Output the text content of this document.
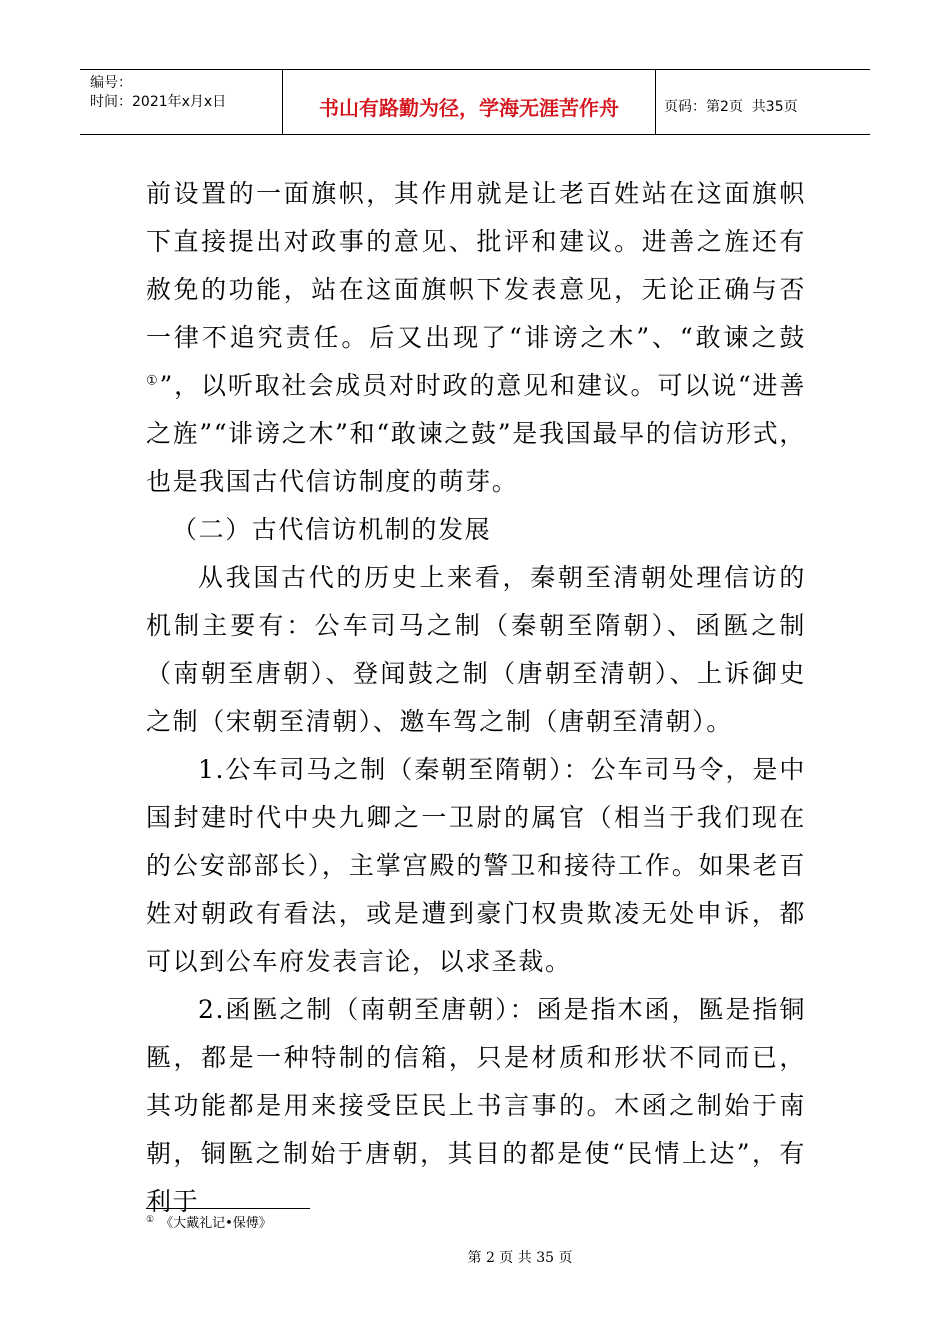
编号：
时间：2021年x月x日	书山有路勤为径，学海无涯苦作舟	页码：第2页  共35页

前设置的一面旗帜，其作用就是让老百姓站在这面旗帜下直接提出对政事的意见、批评和建议。进善之旌还有赦免的功能，站在这面旗帜下发表意见，无论正确与否一律不追究责任。后又出现了“诽谤之木”、“敢谏之鼓①”，以听取社会成员对时政的意见和建议。可以说“进善之旌”“诽谤之木”和“敢谏之鼓”是我国最早的信访形式，也是我国古代信访制度的萌芽。

（二）古代信访机制的发展

从我国古代的历史上来看，秦朝至清朝处理信访的机制主要有：公车司马之制（秦朝至隋朝）、函匦之制（南朝至唐朝）、登闻鼓之制（唐朝至清朝）、上诉御史之制（宋朝至清朝）、邀车驾之制（唐朝至清朝）。

1.公车司马之制（秦朝至隋朝）：公车司马令，是中国封建时代中央九卿之一卫尉的属官（相当于我们现在的公安部部长），主掌宫殿的警卫和接待工作。如果老百姓对朝政有看法，或是遭到豪门权贵欺凌无处申诉，都可以到公车府发表言论，以求圣裁。

2.函匦之制（南朝至唐朝）：函是指木函，匦是指铜匦，都是一种特制的信箱，只是材质和形状不同而已，其功能都是用来接受臣民上书言事的。木函之制始于南朝，铜匦之制始于唐朝，其目的都是使“民情上达”，有利于

① 《大戴礼记•保傅》
第 2 页 共 35 页
